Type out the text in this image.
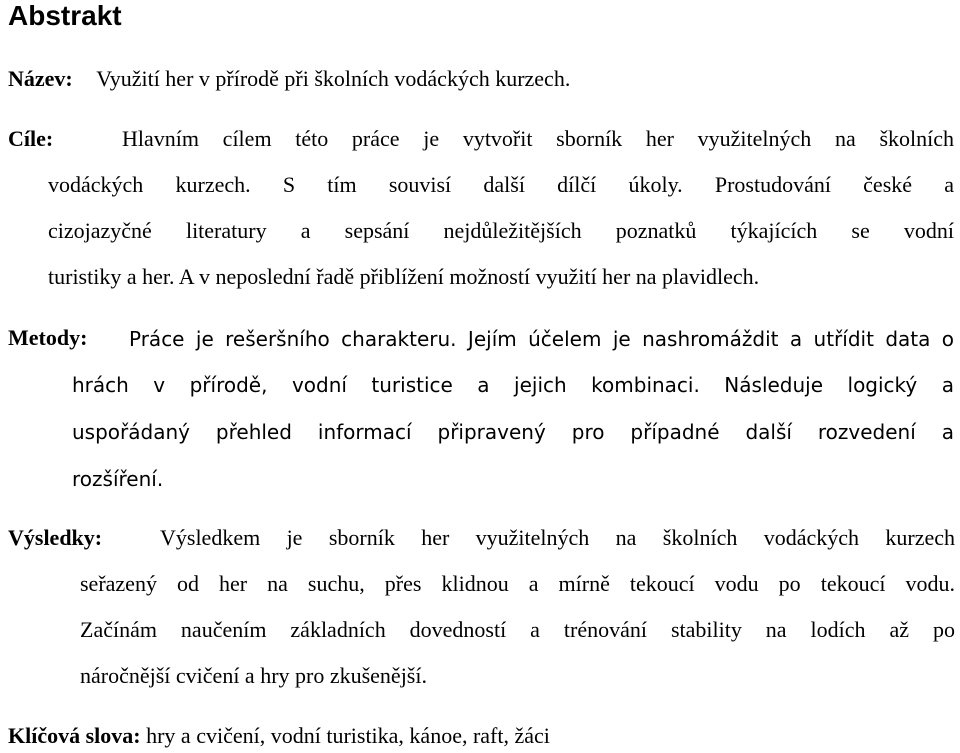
Abstrakt
Název: Využití her v přírodě při školních vodáckých kurzech.
Cíle:	Hlavním cílem této práce je vytvořit sborník her využitelných na školních
vodáckých kurzech. S tím souvisí další dílčí úkoly. Prostudování české a
cizojazyčné literatury a sepsání nejdůležitějších poznatků týkajících se vodní
turistiky a her. A v neposlední řadě přiblížení možností využití her na plavidlech.
Metody: Práce je rešeršního charakteru. Jejím účelem je nashromáždit a utřídit data o
hrách v přírodě, vodní turistice a jejich kombinaci. Následuje logický a
uspořádaný přehled informací připravený pro případné další rozvedení a
rozšíření.
Výsledky:	Výsledkem je sborník her využitelných na školních vodáckých kurzech
seřazený od her na suchu, přes klidnou a mírně tekoucí vodu po tekoucí vodu.
Začínám naučením základních dovedností a trénování stability na lodích až po
náročnější cvičení a hry pro zkušenější.
Klíčová slova: hry a cvičení, vodní turistika, kánoe, raft, žáci
